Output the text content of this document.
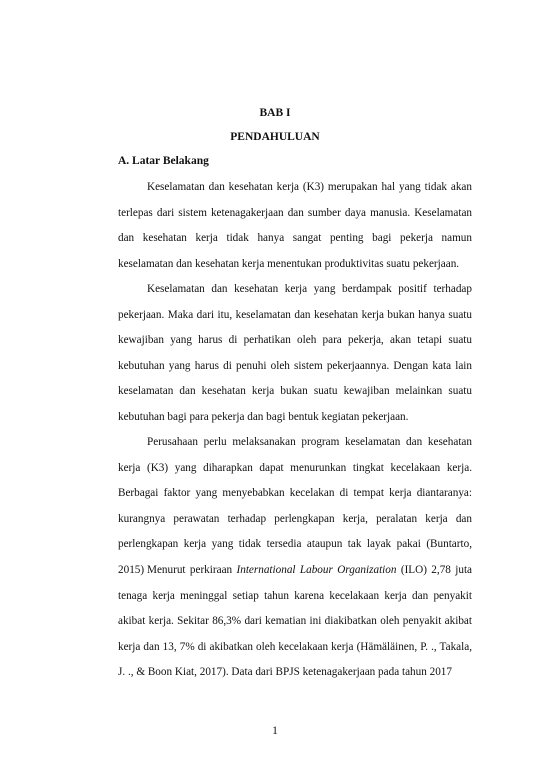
BAB I

PENDAHULUAN

A. Latar Belakang

Keselamatan dan kesehatan kerja (K3) merupakan hal yang tidak akan terlepas dari sistem ketenagakerjaan dan sumber daya manusia. Keselamatan dan kesehatan kerja tidak hanya sangat penting bagi pekerja namun keselamatan dan kesehatan kerja menentukan produktivitas suatu pekerjaan.

Keselamatan dan kesehatan kerja yang berdampak positif terhadap pekerjaan. Maka dari itu, keselamatan dan kesehatan kerja bukan hanya suatu kewajiban yang harus di perhatikan oleh para pekerja, akan tetapi suatu kebutuhan yang harus di penuhi oleh sistem pekerjaannya. Dengan kata lain keselamatan dan kesehatan kerja bukan suatu kewajiban melainkan suatu kebutuhan bagi para pekerja dan bagi bentuk kegiatan pekerjaan.

Perusahaan perlu melaksanakan program keselamatan dan kesehatan kerja (K3) yang diharapkan dapat menurunkan tingkat kecelakaan kerja. Berbagai faktor yang menyebabkan kecelakan di tempat kerja diantaranya: kurangnya perawatan terhadap perlengkapan kerja, peralatan kerja dan perlengkapan kerja yang tidak tersedia ataupun tak layak pakai (Buntarto, 2015) Menurut perkiraan International Labour Organization (ILO) 2,78 juta tenaga kerja meninggal setiap tahun karena kecelakaan kerja dan penyakit akibat kerja. Sekitar 86,3% dari kematian ini diakibatkan oleh penyakit akibat kerja dan 13, 7% di akibatkan oleh kecelakaan kerja (Hämäläinen, P. ., Takala, J. ., & Boon Kiat, 2017). Data dari BPJS ketenagakerjaan pada tahun 2017

1
